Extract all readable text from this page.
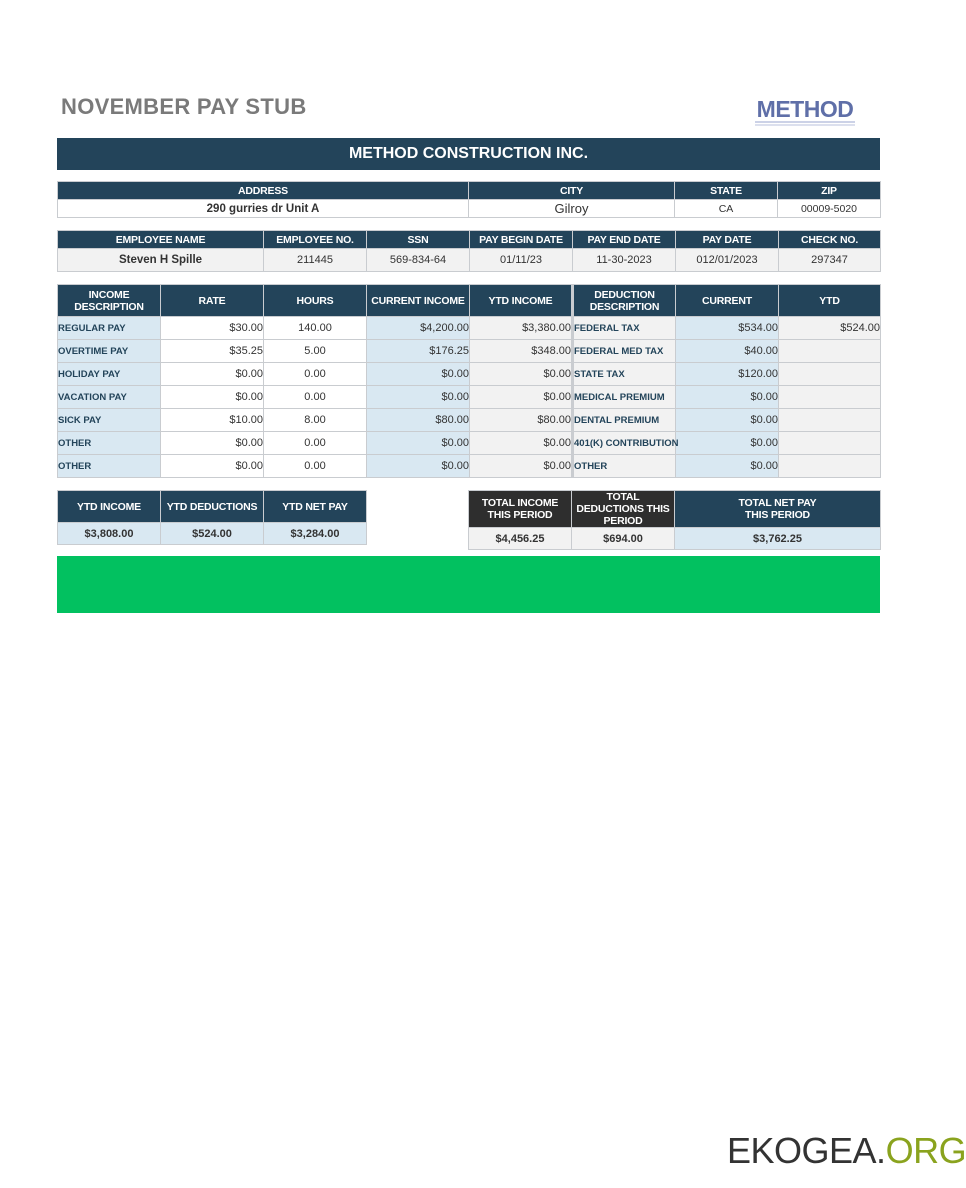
NOVEMBER PAY STUB	METHOD
METHOD CONSTRUCTION INC.
ADDRESS	CITY	STATE	ZIP
290 gurries dr Unit A	Gilroy	CA	00009-5020
EMPLOYEE NAME	EMPLOYEE NO.	SSN	PAY BEGIN DATE	PAY END DATE	PAY DATE	CHECK NO.
Steven H Spille	211445	569-834-64	01/11/23	11-30-2023	012/01/2023	297347
INCOME DESCRIPTION	RATE	HOURS	CURRENT INCOME	YTD INCOME	DEDUCTION DESCRIPTION	CURRENT	YTD
REGULAR PAY	$30.00	140.00	$4,200.00	$3,380.00	FEDERAL TAX	$534.00	$524.00
OVERTIME PAY	$35.25	5.00	$176.25	$348.00	FEDERAL MED TAX	$40.00	
HOLIDAY PAY	$0.00	0.00	$0.00	$0.00	STATE TAX	$120.00	
VACATION PAY	$0.00	0.00	$0.00	$0.00	MEDICAL PREMIUM	$0.00	
SICK PAY	$10.00	8.00	$80.00	$80.00	DENTAL PREMIUM	$0.00	
OTHER	$0.00	0.00	$0.00	$0.00	401(K) CONTRIBUTION	$0.00	
OTHER	$0.00	0.00	$0.00	$0.00	OTHER	$0.00	
YTD INCOME	YTD DEDUCTIONS	YTD NET PAY
$3,808.00	$524.00	$3,284.00
TOTAL INCOME THIS PERIOD	TOTAL DEDUCTIONS THIS PERIOD	TOTAL NET PAY THIS PERIOD
$4,456.25	$694.00	$3,762.25
EKOGEA.ORG
